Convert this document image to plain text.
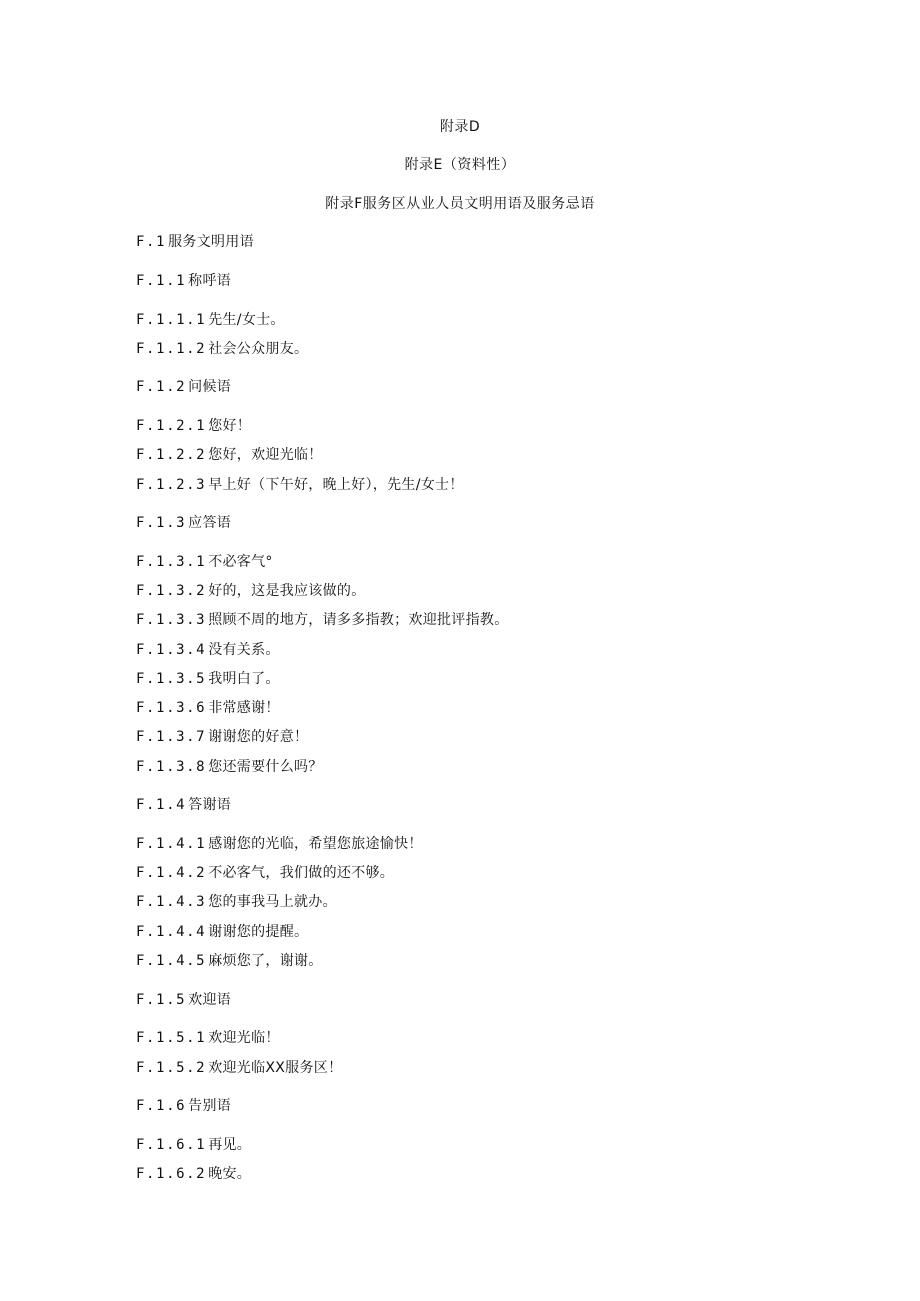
附录D
附录E（资料性）
附录F服务区从业人员文明用语及服务忌语
F.1 服务文明用语
F.1.1 称呼语
F.1.1.1 先生/女士。
F.1.1.2 社会公众朋友。
F.1.2 问候语
F.1.2.1 您好！
F.1.2.2 您好，欢迎光临！
F.1.2.3 早上好（下午好，晚上好），先生/女士！
F.1.3 应答语
F.1.3.1 不必客气°
F.1.3.2 好的，这是我应该做的。
F.1.3.3 照顾不周的地方，请多多指教；欢迎批评指教。
F.1.3.4 没有关系。
F.1.3.5 我明白了。
F.1.3.6 非常感谢！
F.1.3.7 谢谢您的好意！
F.1.3.8 您还需要什么吗？
F.1.4 答谢语
F.1.4.1 感谢您的光临，希望您旅途愉快！
F.1.4.2 不必客气，我们做的还不够。
F.1.4.3 您的事我马上就办。
F.1.4.4 谢谢您的提醒。
F.1.4.5 麻烦您了，谢谢。
F.1.5 欢迎语
F.1.5.1 欢迎光临！
F.1.5.2 欢迎光临XX服务区！
F.1.6 告别语
F.1.6.1 再见。
F.1.6.2 晚安。
